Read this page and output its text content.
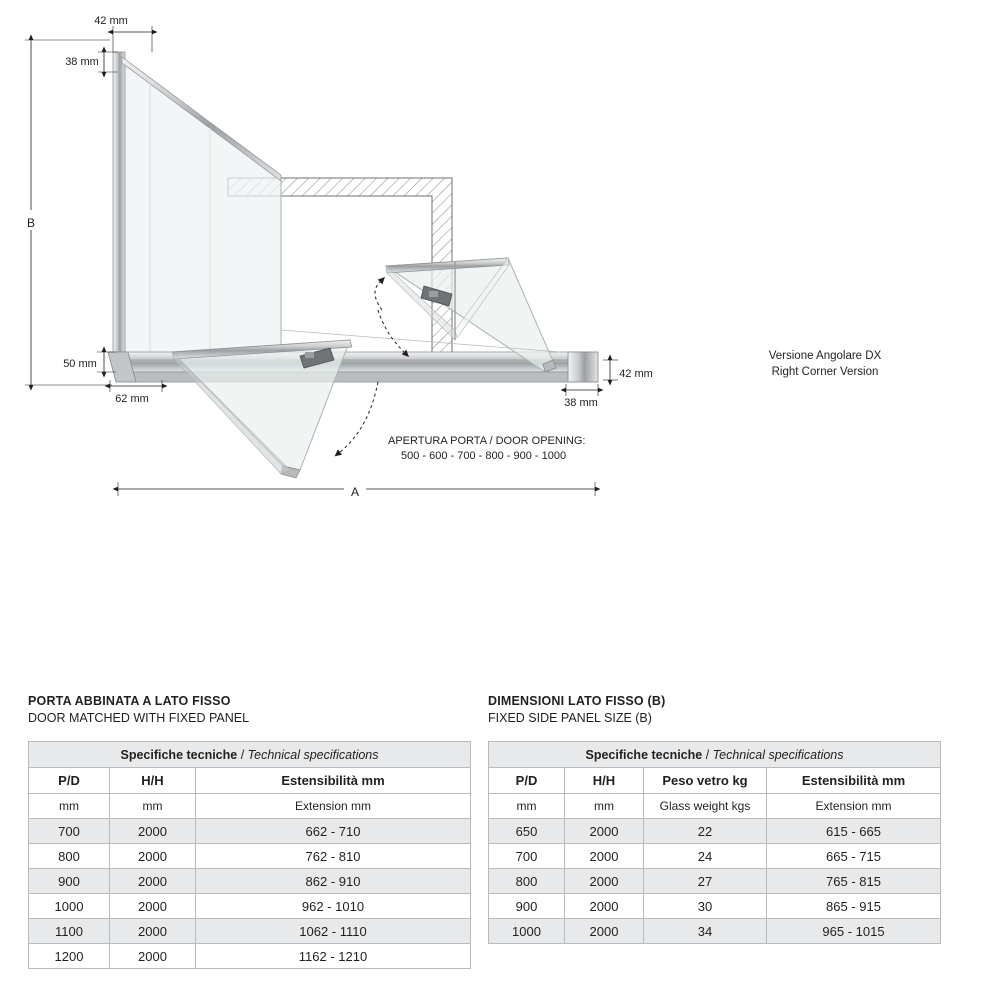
42 mm
38 mm
B
50 mm
62 mm
42 mm
38 mm
A
APERTURA PORTA / DOOR OPENING:
500 - 600 - 700 - 800 - 900 - 1000
Versione Angolare DX
Right Corner Version
PORTA ABBINATA A LATO FISSO
DOOR MATCHED WITH FIXED PANEL
Specifiche tecniche / Technical specifications		
P/D	H/H	Estensibilità mm
mm	mm	Extension mm
700	2000	662 - 710
800	2000	762 - 810
900	2000	862 - 910
1000	2000	962 - 1010
1100	2000	1062 - 1110
1200	2000	1162 - 1210
DIMENSIONI LATO FISSO (B)
FIXED SIDE PANEL SIZE (B)
Specifiche tecniche / Technical specifications			
P/D	H/H	Peso vetro kg	Estensibilità mm
mm	mm	Glass weight kgs	Extension mm
650	2000	22	615 - 665
700	2000	24	665 - 715
800	2000	27	765 - 815
900	2000	30	865 - 915
1000	2000	34	965 - 1015
